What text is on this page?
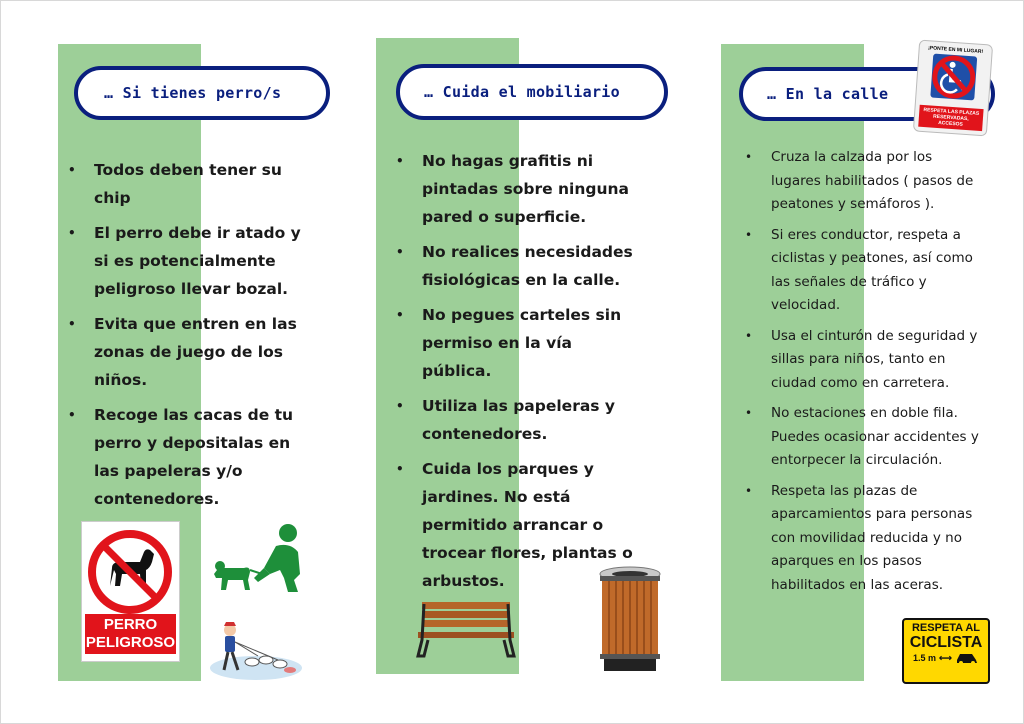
… Si tienes perro/s
• Todos deben tener su chip
• El perro debe ir atado y si es potencialmente peligroso llevar bozal.
• Evita que entren en las zonas de juego de los niños.
• Recoge las cacas de tu perro y depositalas en las papeleras y/o contenedores.
PERRO
PELIGROSO
… Cuida el mobiliario
• No hagas grafitis ni pintadas sobre ninguna pared o superficie.
• No realices necesidades fisiológicas en la calle.
• No pegues carteles sin permiso en la vía pública.
• Utiliza las papeleras y contenedores.
• Cuida los parques y jardines. No está permitido arrancar o trocear flores, plantas o arbustos.
… En la calle
¡PONTE EN MI LUGAR!
RESPETA LAS PLAZAS RESERVADAS, ACCESOS
• Cruza la calzada por los lugares habilitados ( pasos de peatones y semáforos ).
• Si eres conductor, respeta a ciclistas y peatones, así como las señales de tráfico y velocidad.
• Usa el cinturón de seguridad y sillas para niños, tanto en ciudad como en carretera.
• No estaciones en doble fila. Puedes ocasionar accidentes y entorpecer la circulación.
• Respeta las plazas de aparcamientos para personas con movilidad reducida y no aparques en los pasos habilitados en las aceras.
RESPETA AL
CICLISTA
1.5 m ⟷
